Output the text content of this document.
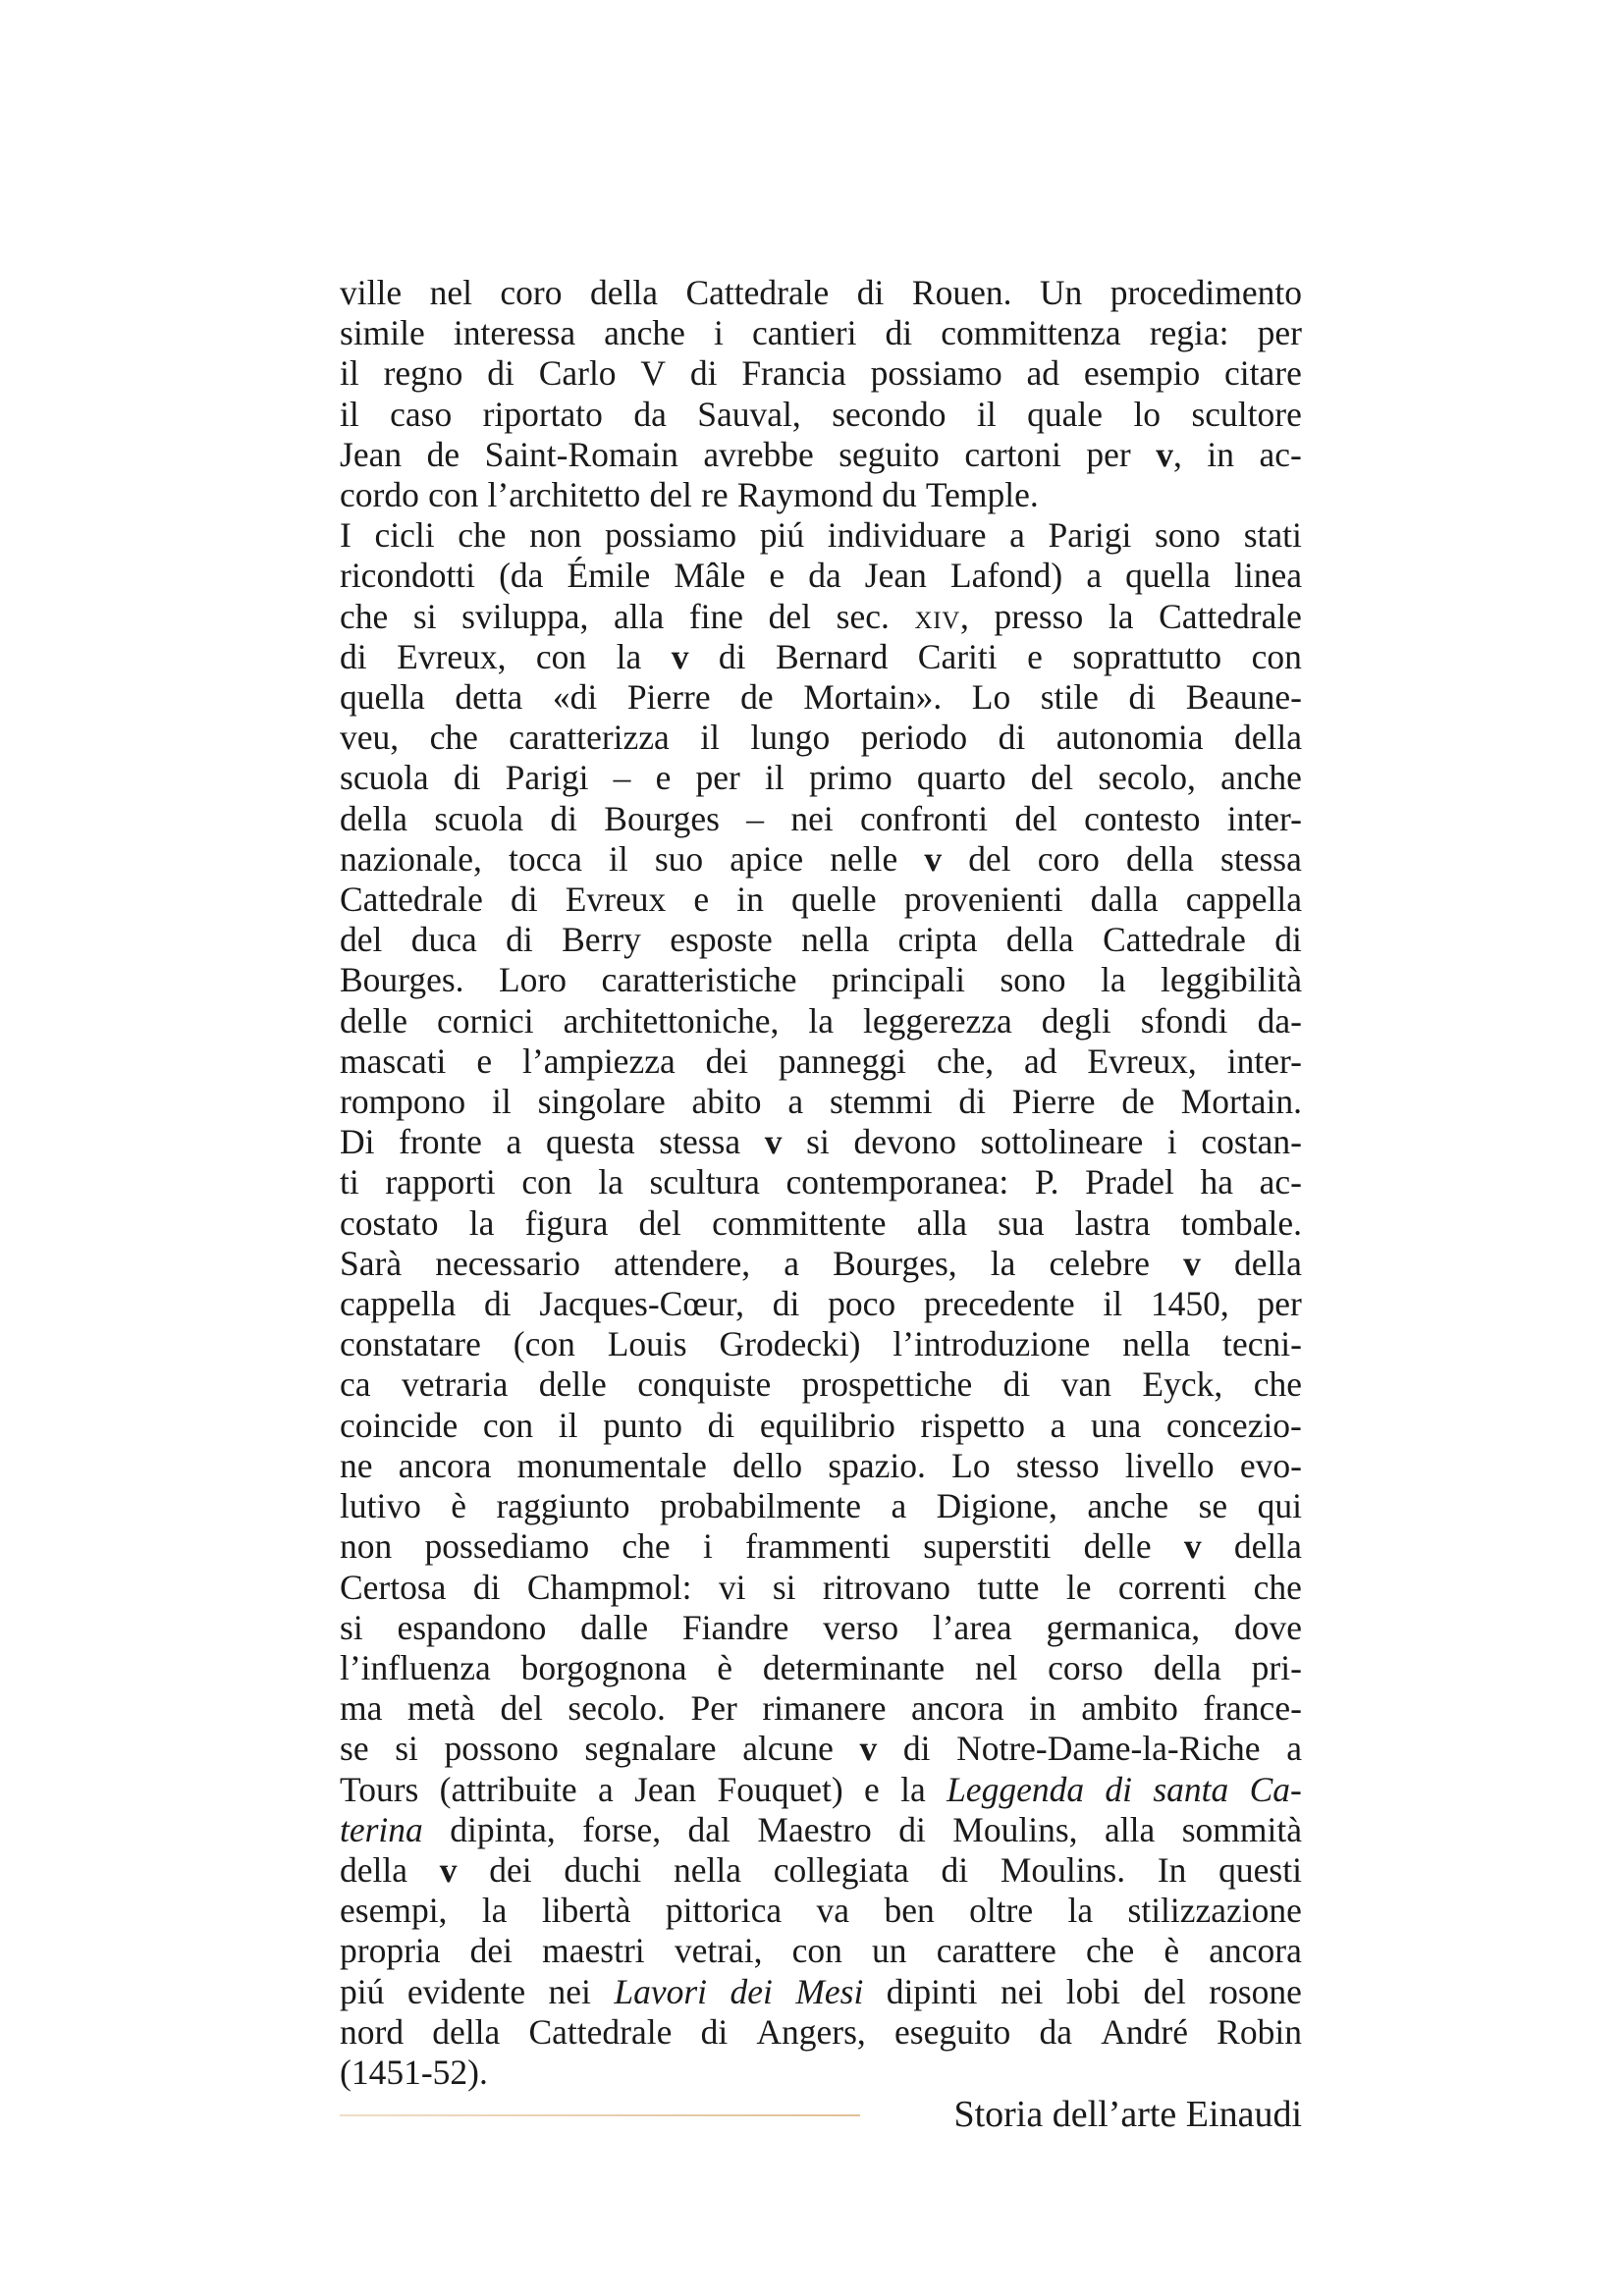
ville nel coro della Cattedrale di Rouen. Un procedimento
simile interessa anche i cantieri di committenza regia: per
il regno di Carlo V di Francia possiamo ad esempio citare
il caso riportato da Sauval, secondo il quale lo scultore
Jean de Saint-Romain avrebbe seguito cartoni per v, in ac-
cordo con l’architetto del re Raymond du Temple.
I cicli che non possiamo piú individuare a Parigi sono stati
ricondotti (da Émile Mâle e da Jean Lafond) a quella linea
che si sviluppa, alla fine del sec. xiv, presso la Cattedrale
di Evreux, con la v di Bernard Cariti e soprattutto con
quella detta «di Pierre de Mortain». Lo stile di Beaune-
veu, che caratterizza il lungo periodo di autonomia della
scuola di Parigi – e per il primo quarto del secolo, anche
della scuola di Bourges – nei confronti del contesto inter-
nazionale, tocca il suo apice nelle v del coro della stessa
Cattedrale di Evreux e in quelle provenienti dalla cappella
del duca di Berry esposte nella cripta della Cattedrale di
Bourges. Loro caratteristiche principali sono la leggibilità
delle cornici architettoniche, la leggerezza degli sfondi da-
mascati e l’ampiezza dei panneggi che, ad Evreux, inter-
rompono il singolare abito a stemmi di Pierre de Mortain.
Di fronte a questa stessa v si devono sottolineare i costan-
ti rapporti con la scultura contemporanea: P. Pradel ha ac-
costato la figura del committente alla sua lastra tombale.
Sarà necessario attendere, a Bourges, la celebre v della
cappella di Jacques-Cœur, di poco precedente il 1450, per
constatare (con Louis Grodecki) l’introduzione nella tecni-
ca vetraria delle conquiste prospettiche di van Eyck, che
coincide con il punto di equilibrio rispetto a una concezio-
ne ancora monumentale dello spazio. Lo stesso livello evo-
lutivo è raggiunto probabilmente a Digione, anche se qui
non possediamo che i frammenti superstiti delle v della
Certosa di Champmol: vi si ritrovano tutte le correnti che
si espandono dalle Fiandre verso l’area germanica, dove
l’influenza borgognona è determinante nel corso della pri-
ma metà del secolo. Per rimanere ancora in ambito france-
se si possono segnalare alcune v di Notre-Dame-la-Riche a
Tours (attribuite a Jean Fouquet) e la Leggenda di santa Ca-
terina dipinta, forse, dal Maestro di Moulins, alla sommità
della v dei duchi nella collegiata di Moulins. In questi
esempi, la libertà pittorica va ben oltre la stilizzazione
propria dei maestri vetrai, con un carattere che è ancora
piú evidente nei Lavori dei Mesi dipinti nei lobi del rosone
nord della Cattedrale di Angers, eseguito da André Robin
(1451-52).
Storia dell’arte Einaudi
